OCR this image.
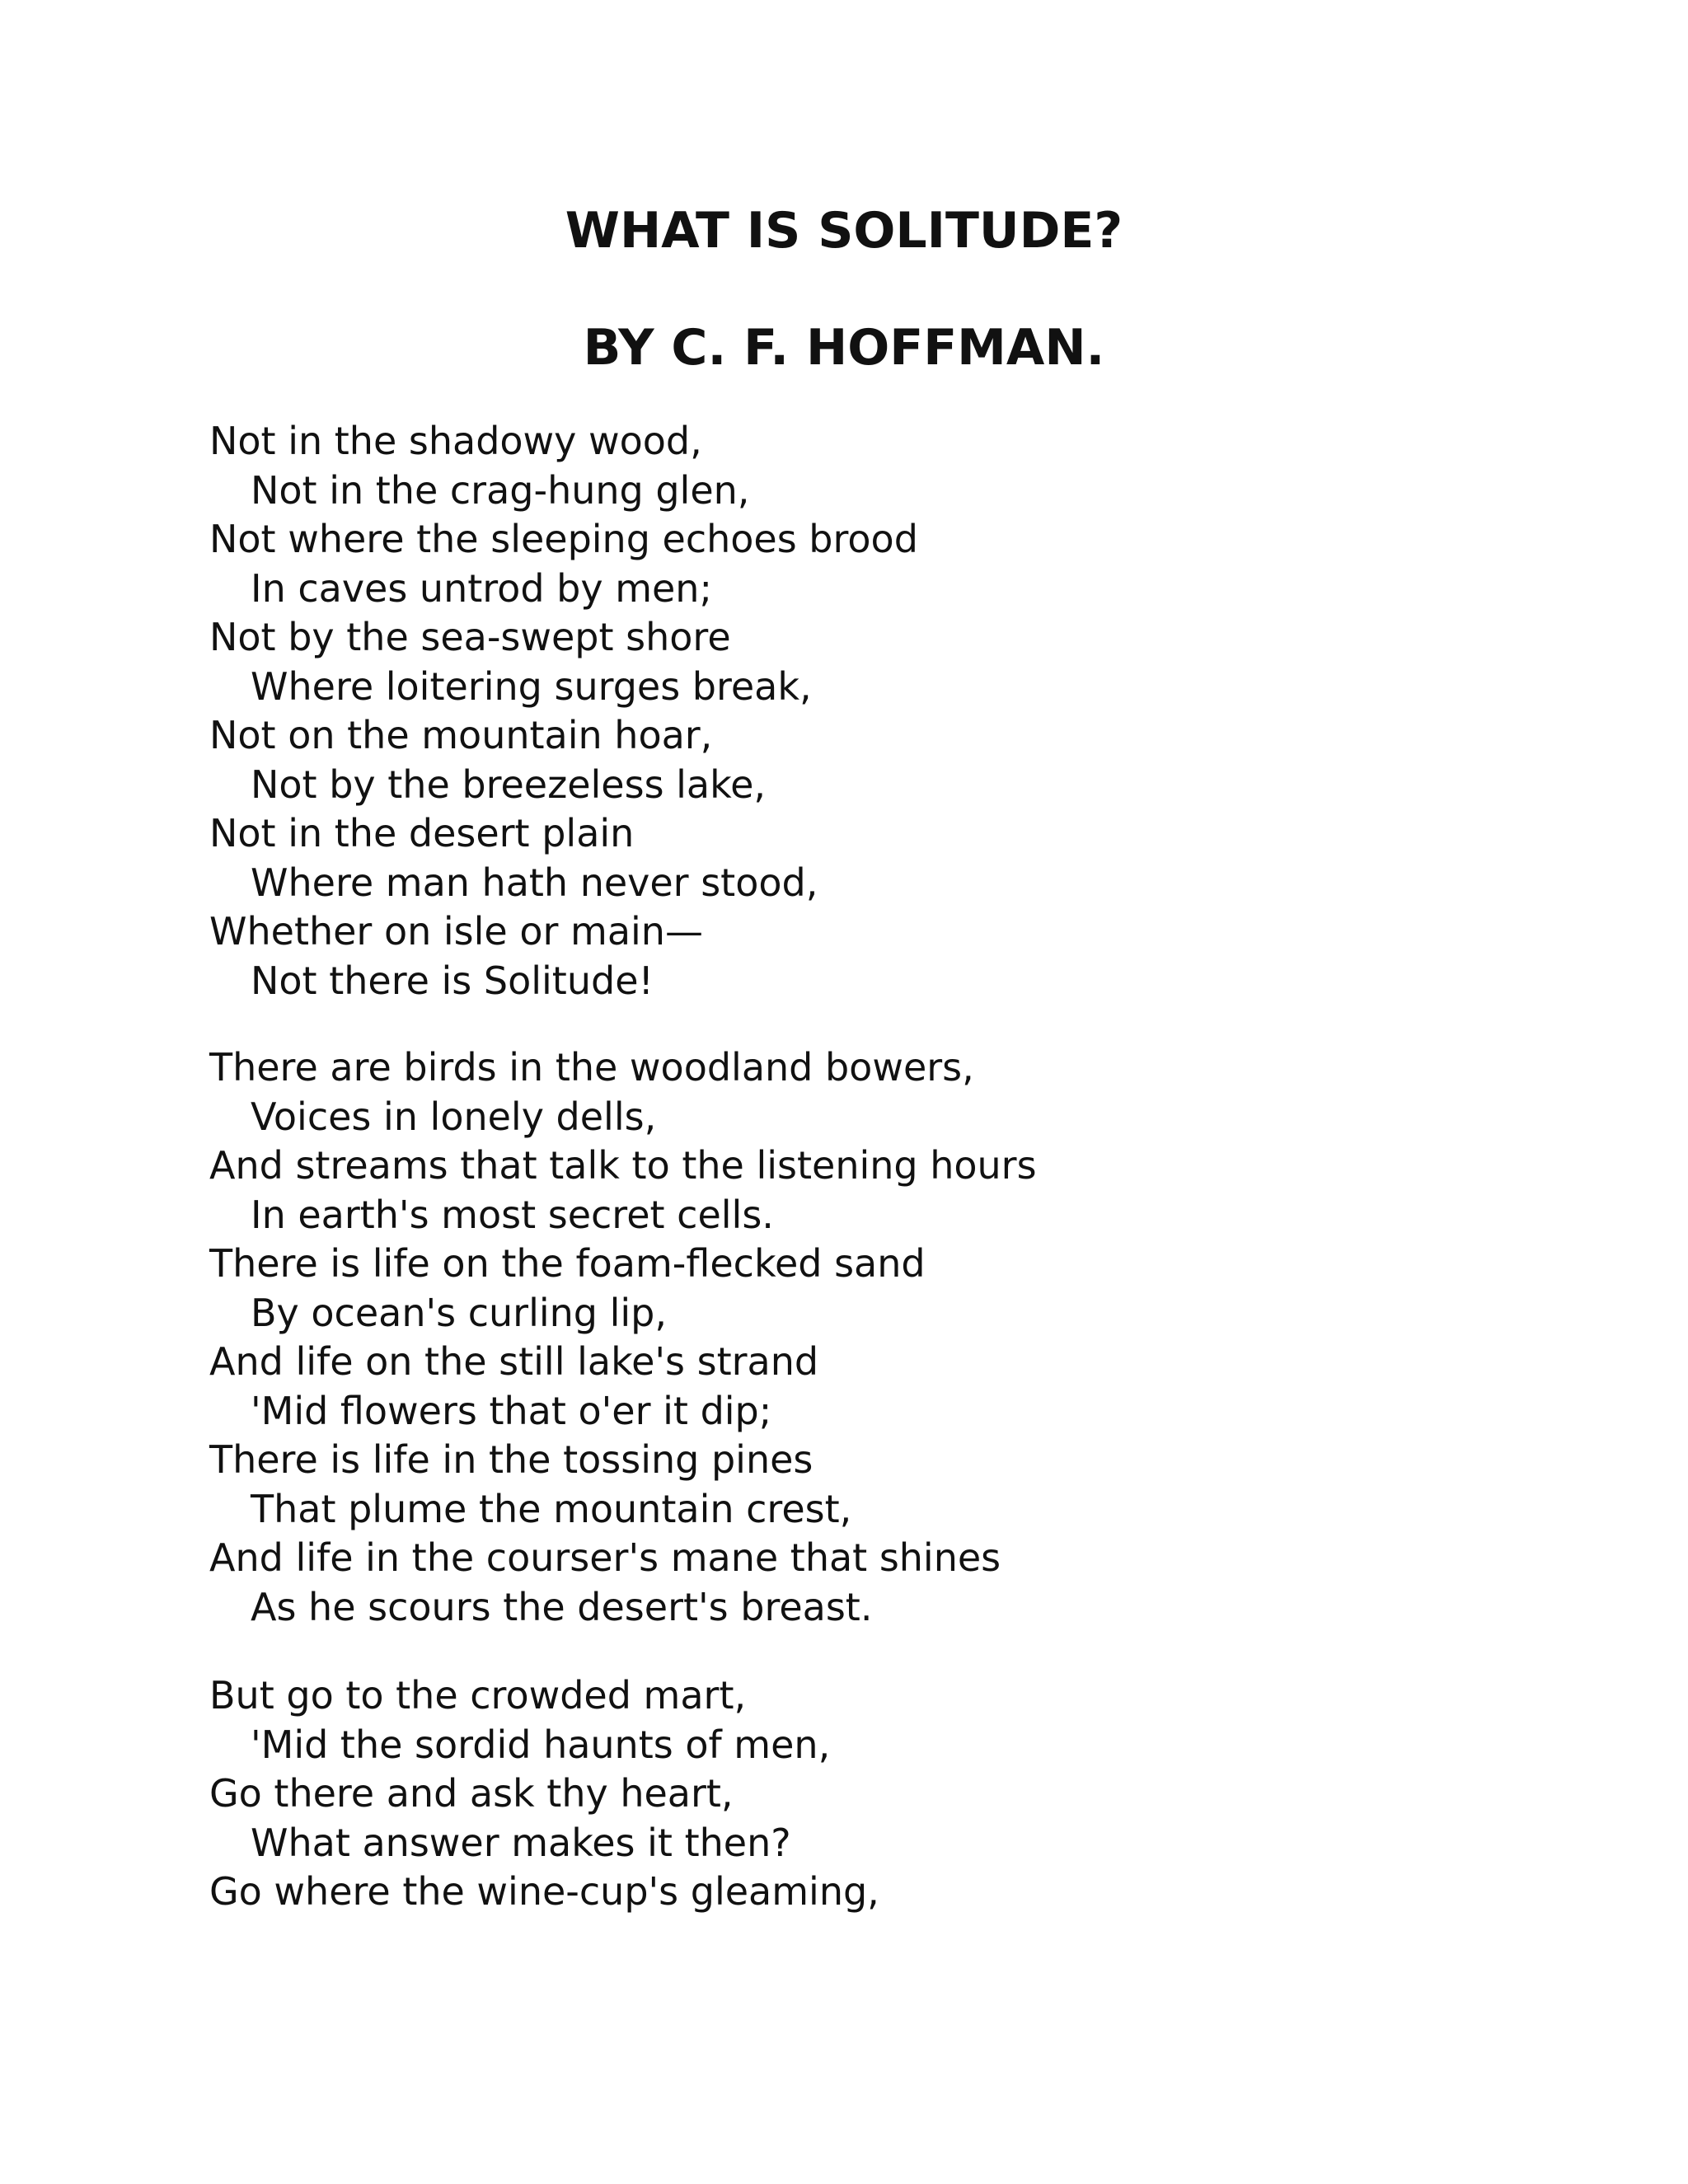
WHAT IS SOLITUDE?
BY C. F. HOFFMAN.
Not in the shadowy wood,
Not in the crag-hung glen,
Not where the sleeping echoes brood
In caves untrod by men;
Not by the sea-swept shore
Where loitering surges break,
Not on the mountain hoar,
Not by the breezeless lake,
Not in the desert plain
Where man hath never stood,
Whether on isle or main—
Not there is Solitude!
There are birds in the woodland bowers,
Voices in lonely dells,
And streams that talk to the listening hours
In earth's most secret cells.
There is life on the foam-flecked sand
By ocean's curling lip,
And life on the still lake's strand
'Mid flowers that o'er it dip;
There is life in the tossing pines
That plume the mountain crest,
And life in the courser's mane that shines
As he scours the desert's breast.
But go to the crowded mart,
'Mid the sordid haunts of men,
Go there and ask thy heart,
What answer makes it then?
Go where the wine-cup's gleaming,
